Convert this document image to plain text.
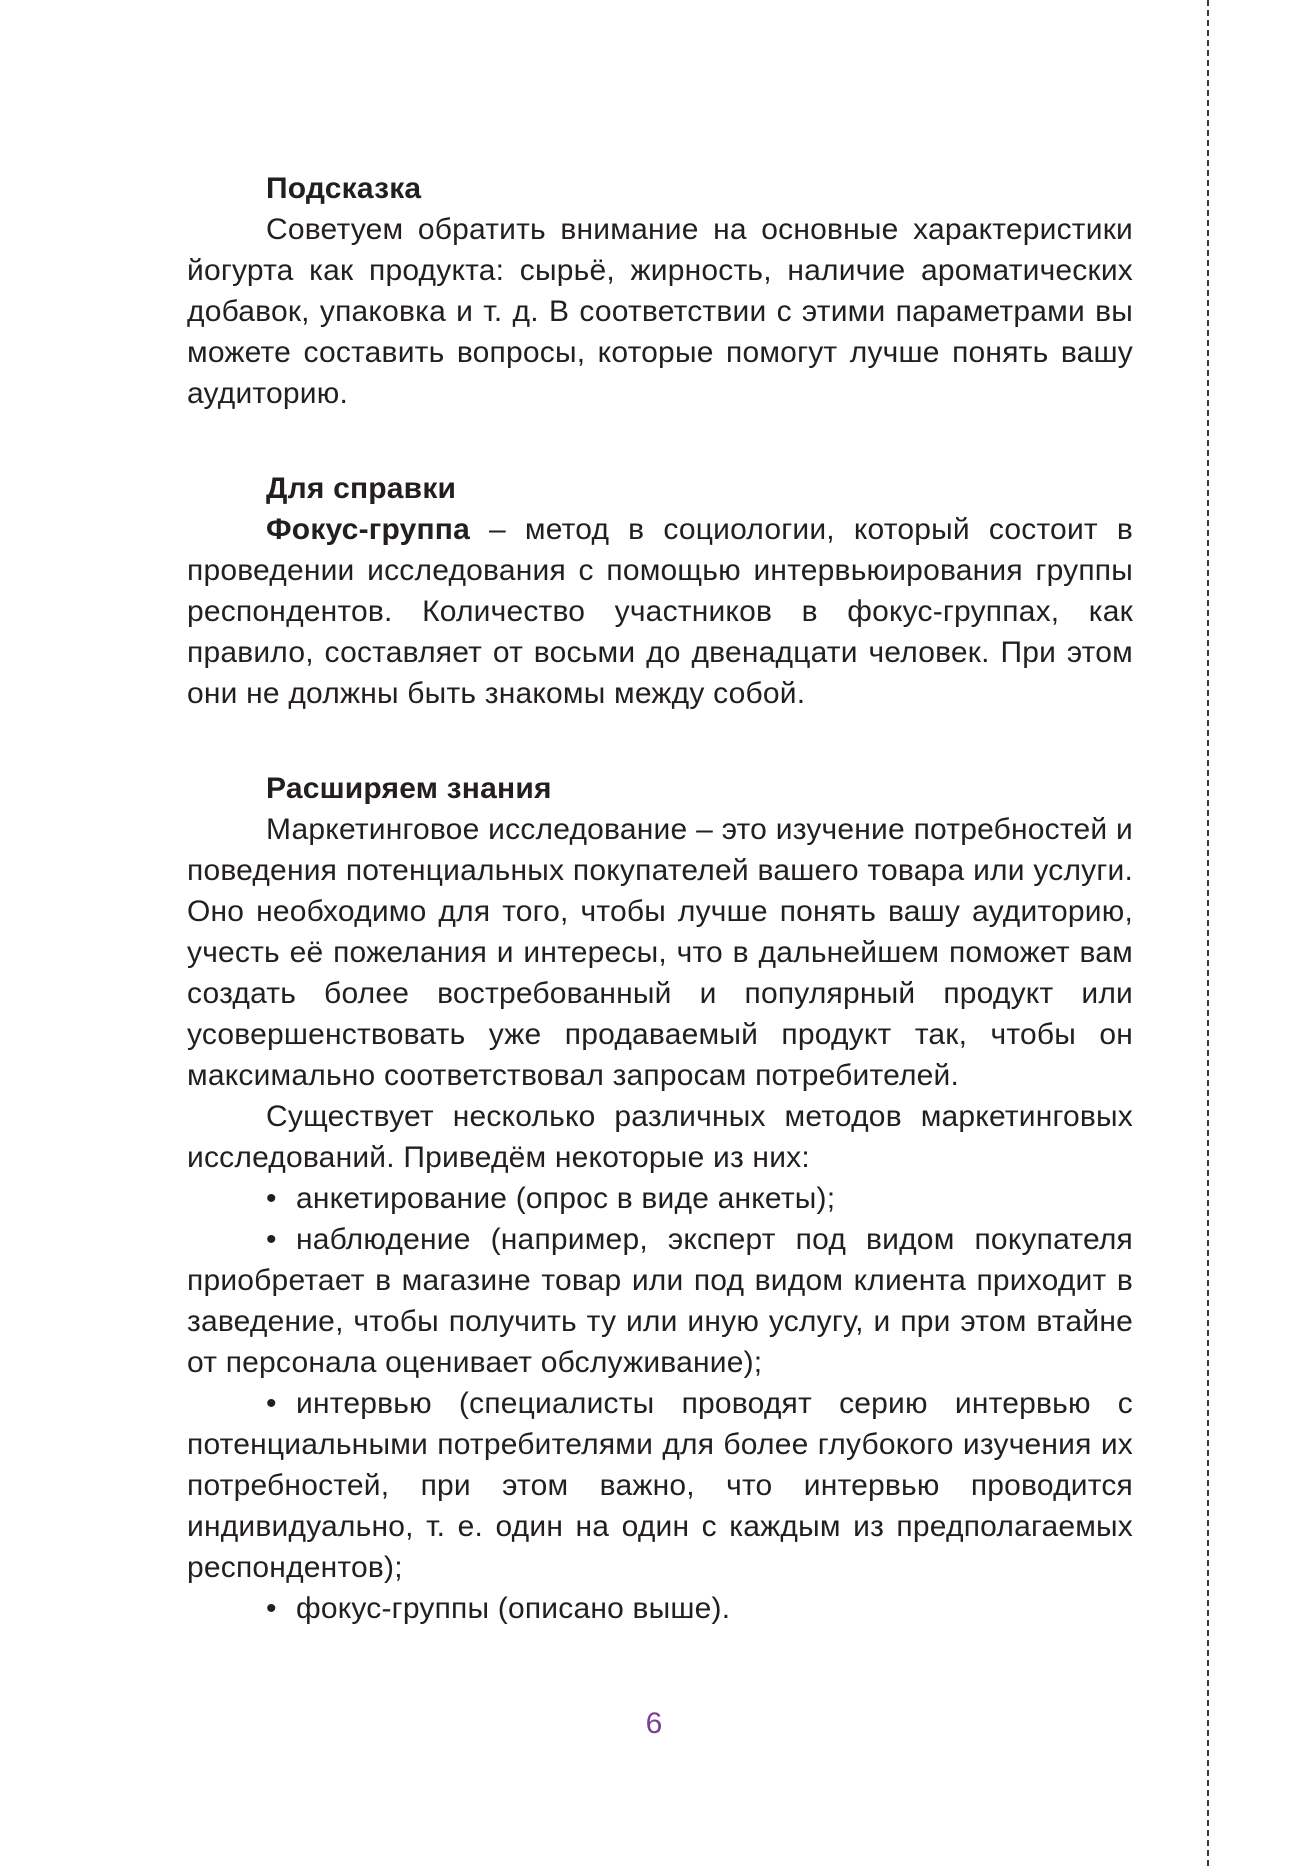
Подсказка

Советуем обратить внимание на основные характеристики йогурта как продукта: сырьё, жирность, наличие ароматических добавок, упаковка и т. д. В соответствии с этими параметрами вы можете составить вопросы, которые помогут лучше понять вашу аудиторию.

Для справки

Фокус-группа – метод в социологии, который состоит в проведении исследования с помощью интервьюирования группы респондентов. Количество участников в фокус-группах, как правило, составляет от восьми до двенадцати человек. При этом они не должны быть знакомы между собой.

Расширяем знания

Маркетинговое исследование – это изучение потребностей и поведения потенциальных покупателей вашего товара или услуги. Оно необходимо для того, чтобы лучше понять вашу аудиторию, учесть её пожелания и интересы, что в дальнейшем поможет вам создать более востребованный и популярный продукт или усовершенствовать уже продаваемый продукт так, чтобы он максимально соответствовал запросам потребителей.

Существует несколько различных методов маркетинговых исследований. Приведём некоторые из них:

• анкетирование (опрос в виде анкеты);
• наблюдение (например, эксперт под видом покупателя приобретает в магазине товар или под видом клиента приходит в заведение, чтобы получить ту или иную услугу, и при этом втайне от персонала оценивает обслуживание);
• интервью (специалисты проводят серию интервью с потенциальными потребителями для более глубокого изучения их потребностей, при этом важно, что интервью проводится индивидуально, т. е. один на один с каждым из предполагаемых респондентов);
• фокус-группы (описано выше).
6
